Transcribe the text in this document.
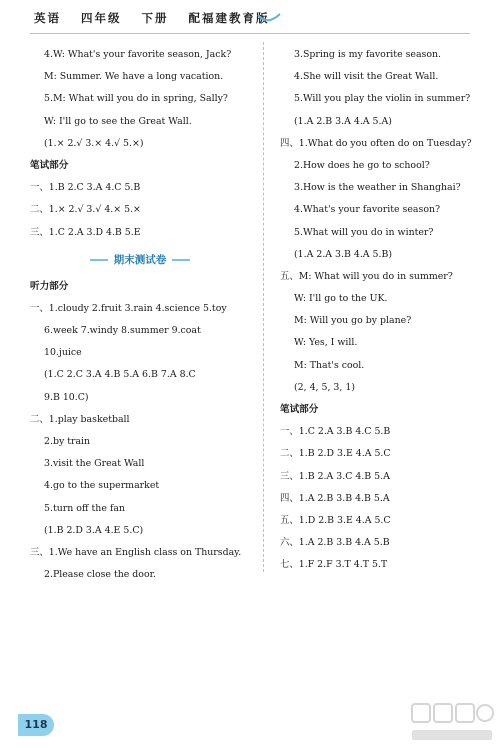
英语 四年级 下册 配福建教育版
4.W: What's your favorite season, Jack?
M: Summer. We have a long vacation.
5.M: What will you do in spring, Sally?
W: I'll go to see the Great Wall.
(1.× 2.√ 3.× 4.√ 5.×)
笔试部分
一、1.B 2.C 3.A 4.C 5.B
二、1.× 2.√ 3.√ 4.× 5.×
三、1.C 2.A 3.D 4.B 5.E
期末测试卷
听力部分
一、1.cloudy 2.fruit 3.rain 4.science 5.toy
6.week 7.windy 8.summer 9.coat
10.juice
(1.C 2.C 3.A 4.B 5.A 6.B 7.A 8.C
9.B 10.C)
二、1.play basketball
2.by train
3.visit the Great Wall
4.go to the supermarket
5.turn off the fan
(1.B 2.D 3.A 4.E 5.C)
三、1.We have an English class on Thursday.
2.Please close the door.
3.Spring is my favorite season.
4.She will visit the Great Wall.
5.Will you play the violin in summer?
(1.A 2.B 3.A 4.A 5.A)
四、1.What do you often do on Tuesday?
2.How does he go to school?
3.How is the weather in Shanghai?
4.What's your favorite season?
5.What will you do in winter?
(1.A 2.A 3.B 4.A 5.B)
五、M: What will you do in summer?
W: I'll go to the UK.
M: Will you go by plane?
W: Yes, I will.
M: That's cool.
(2, 4, 5, 3, 1)
笔试部分
一、1.C 2.A 3.B 4.C 5.B
二、1.B 2.D 3.E 4.A 5.C
三、1.B 2.A 3.C 4.B 5.A
四、1.A 2.B 3.B 4.B 5.A
五、1.D 2.B 3.E 4.A 5.C
六、1.A 2.B 3.B 4.A 5.B
七、1.F 2.F 3.T 4.T 5.T
118
